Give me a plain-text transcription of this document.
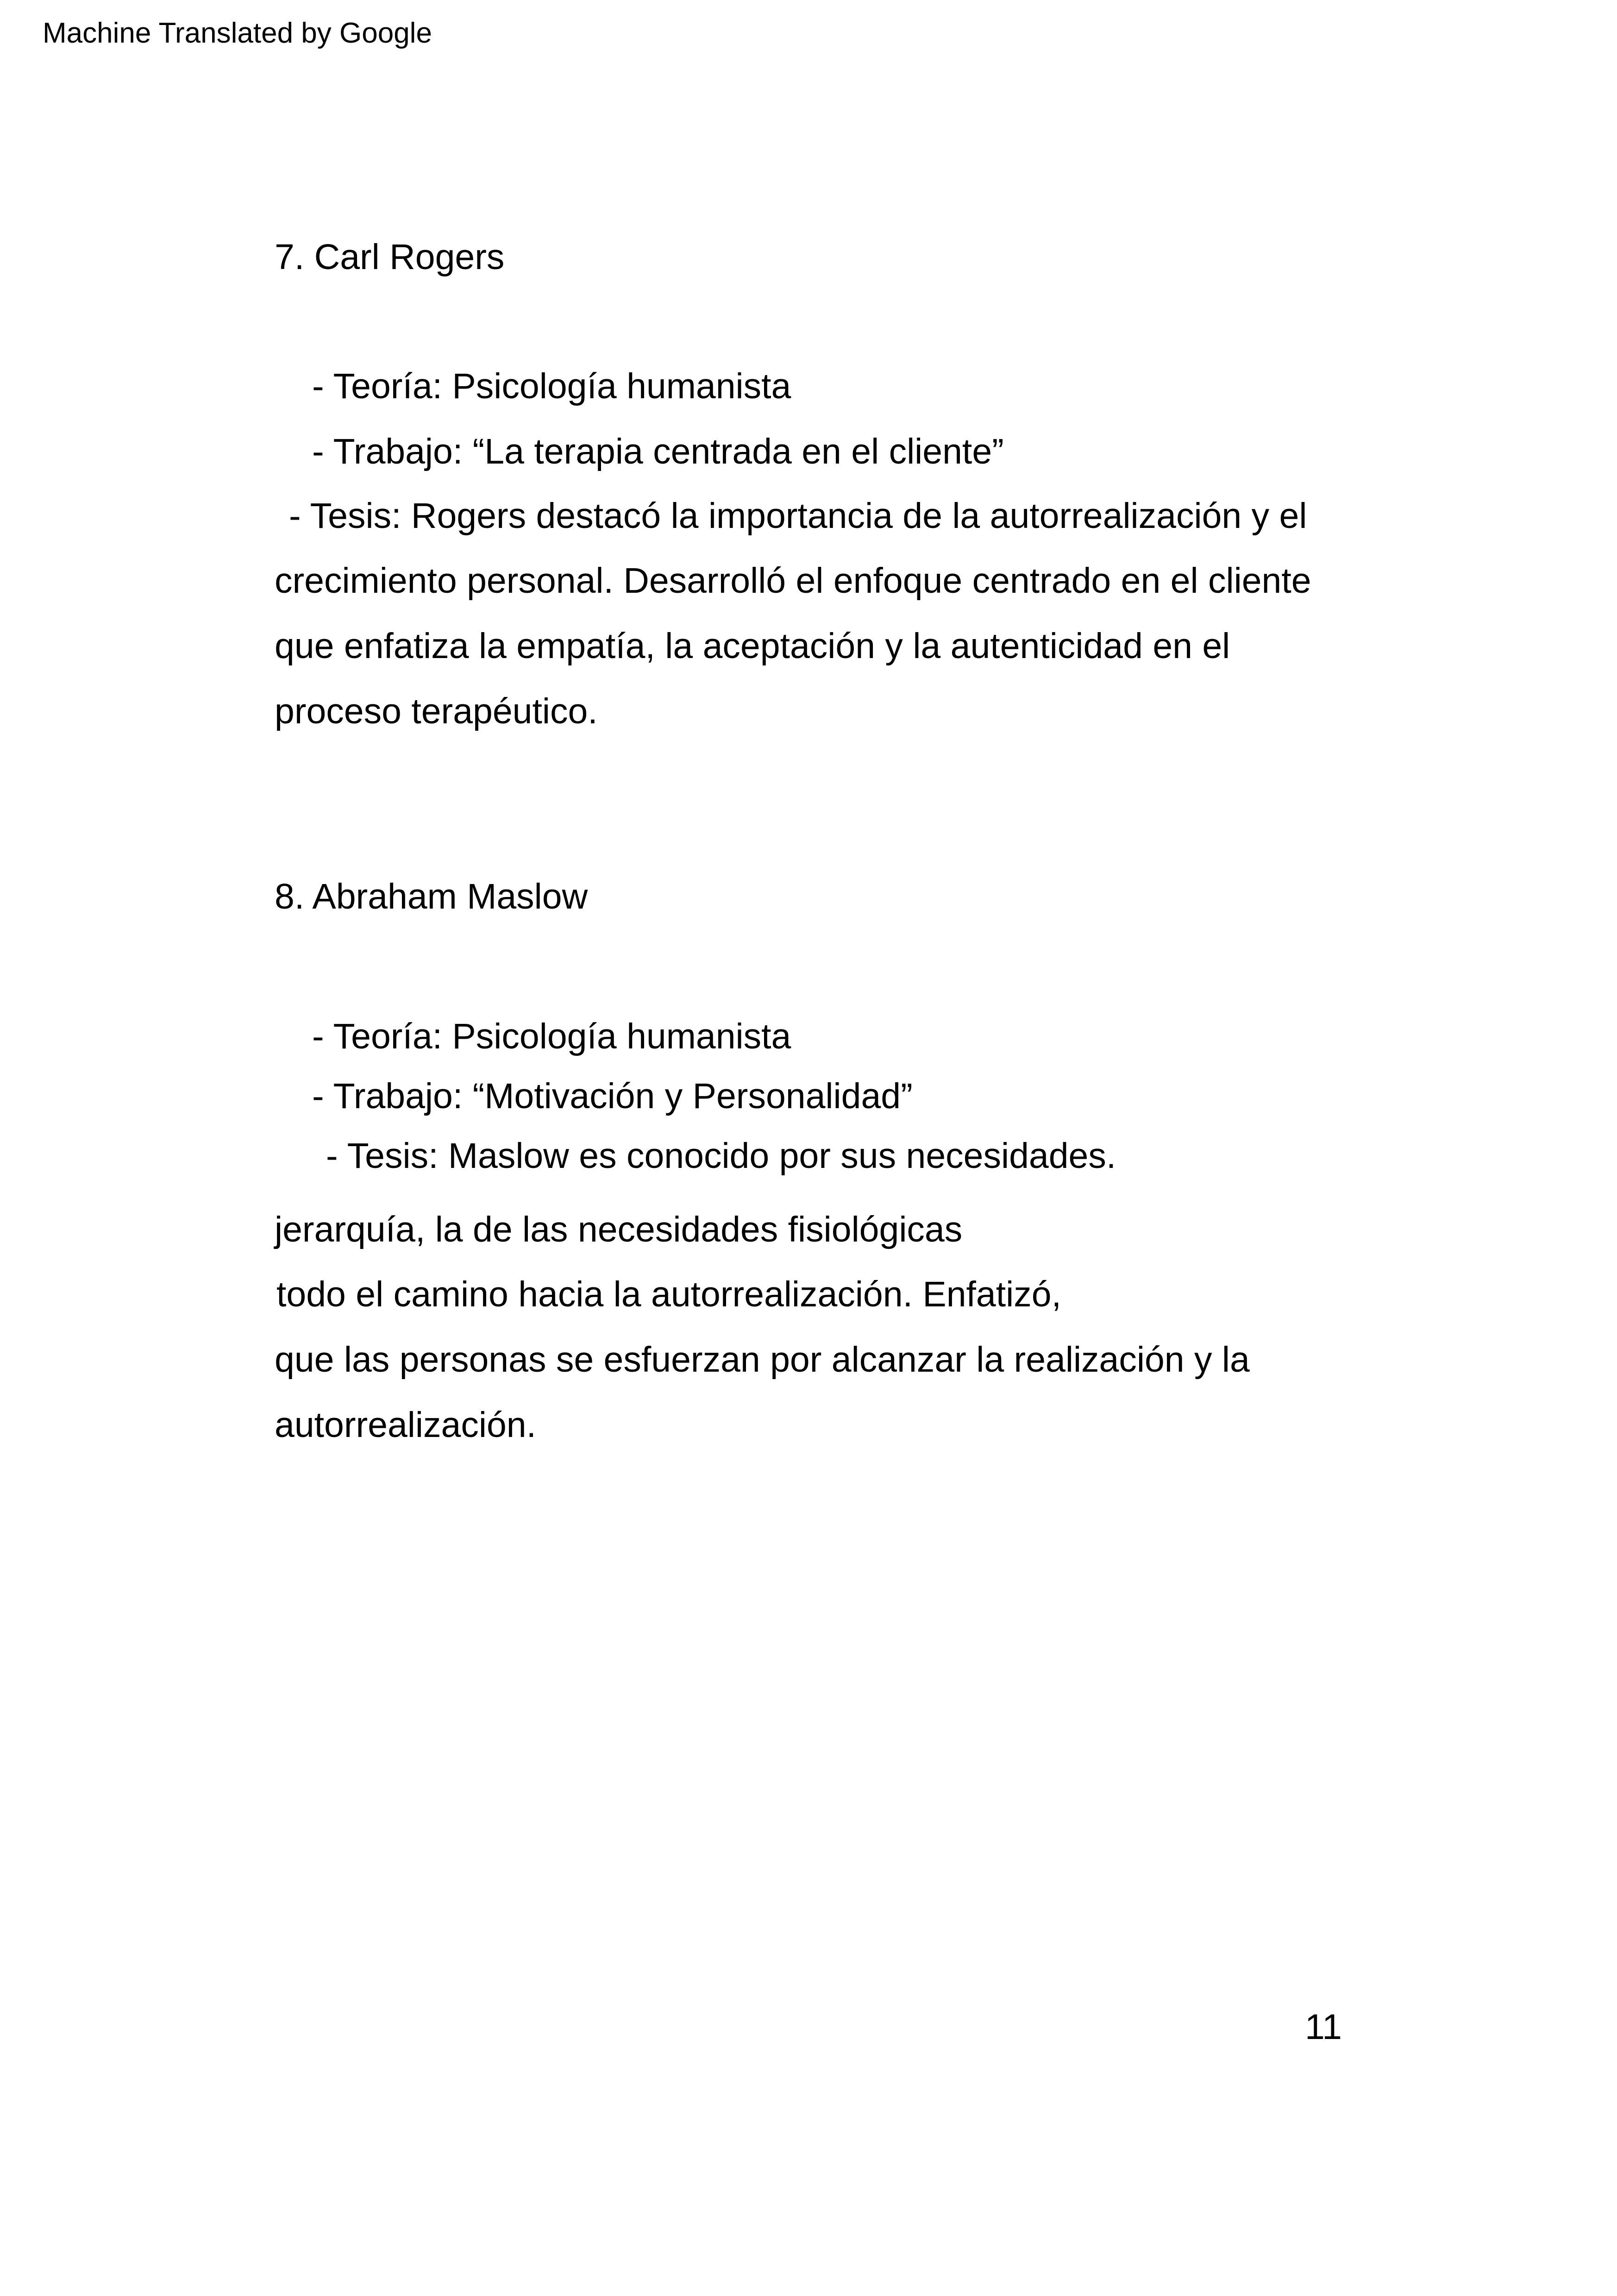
Machine Translated by Google
7. Carl Rogers
- Teoría: Psicología humanista
- Trabajo: “La terapia centrada en el cliente”
- Tesis: Rogers destacó la importancia de la autorrealización y el
crecimiento personal. Desarrolló el enfoque centrado en el cliente
que enfatiza la empatía, la aceptación y la autenticidad en el
proceso terapéutico.
8. Abraham Maslow
- Teoría: Psicología humanista
- Trabajo: “Motivación y Personalidad”
- Tesis: Maslow es conocido por sus necesidades.
jerarquía, la de las necesidades fisiológicas
todo el camino hacia la autorrealización. Enfatizó,
que las personas se esfuerzan por alcanzar la realización y la
autorrealización.
11
